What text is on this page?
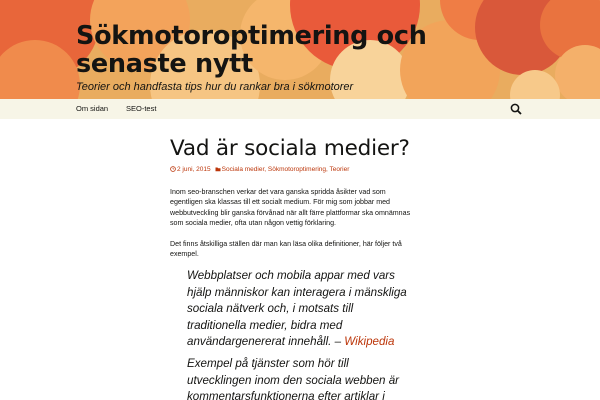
Sökmotoroptimering och
senaste nytt
Teorier och handfasta tips hur du rankar bra i sökmotorer
Om sidan SEO-test
Vad är sociala medier?
2 juni, 2015 Sociala medier, Sökmotoroptimering, Teorier
Inom seo-branschen verkar det vara ganska spridda åsikter vad som
egentligen ska klassas till ett socialt medium. För mig som jobbar med
webbutveckling blir ganska förvånad när allt färre plattformar ska omnämnas
som sociala medier, ofta utan någon vettig förklaring.
Det finns åtskilliga ställen där man kan läsa olika definitioner, här följer två
exempel.
Webbplatser och mobila appar med vars
hjälp människor kan interagera i mänskliga
sociala nätverk och, i motsats till
traditionella medier, bidra med
användargenererat innehåll. – Wikipedia
Exempel på tjänster som hör till
utvecklingen inom den sociala webben är
kommentarsfunktionerna efter artiklar i
